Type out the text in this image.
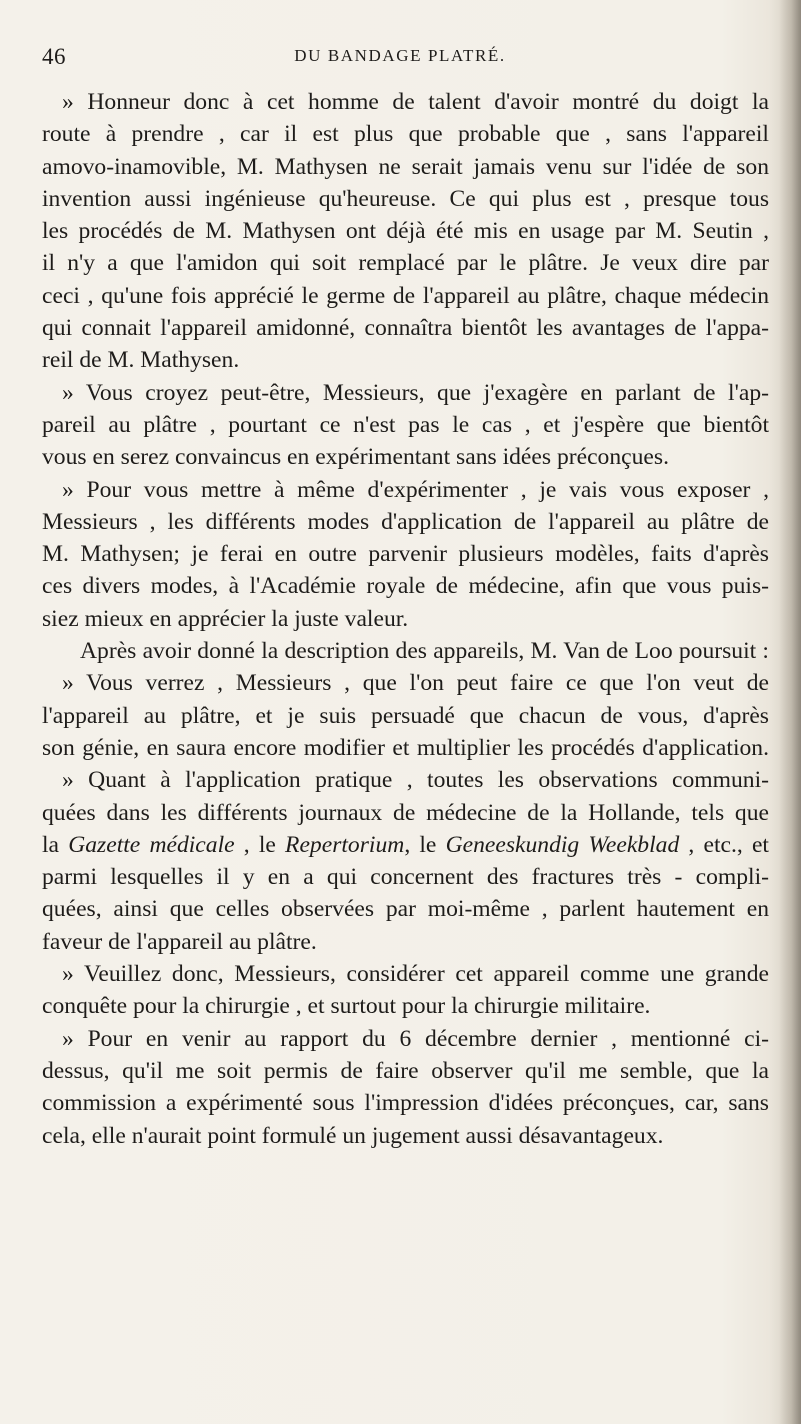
46	DU BANDAGE PLATRÉ.
» Honneur donc à cet homme de talent d'avoir montré du doigt la
route à prendre , car il est plus que probable que , sans l'appareil
amovo-inamovible, M. Mathysen ne serait jamais venu sur l'idée de son
invention aussi ingénieuse qu'heureuse. Ce qui plus est , presque tous
les procédés de M. Mathysen ont déjà été mis en usage par M. Seutin ,
il n'y a que l'amidon qui soit remplacé par le plâtre. Je veux dire par
ceci , qu'une fois apprécié le germe de l'appareil au plâtre, chaque médecin
qui connait l'appareil amidonné, connaîtra bientôt les avantages de l'appa-
reil de M. Mathysen.
» Vous croyez peut-être, Messieurs, que j'exagère en parlant de l'ap-
pareil au plâtre , pourtant ce n'est pas le cas , et j'espère que bientôt
vous en serez convaincus en expérimentant sans idées préconçues.
» Pour vous mettre à même d'expérimenter , je vais vous exposer ,
Messieurs , les différents modes d'application de l'appareil au plâtre de
M. Mathysen; je ferai en outre parvenir plusieurs modèles, faits d'après
ces divers modes, à l'Académie royale de médecine, afin que vous puis-
siez mieux en apprécier la juste valeur.
Après avoir donné la description des appareils, M. Van de Loo poursuit :
» Vous verrez , Messieurs , que l'on peut faire ce que l'on veut de
l'appareil au plâtre, et je suis persuadé que chacun de vous, d'après
son génie, en saura encore modifier et multiplier les procédés d'application.
» Quant à l'application pratique , toutes les observations communi-
quées dans les différents journaux de médecine de la Hollande, tels que
la Gazette médicale , le Repertorium, le Geneeskundig Weekblad , etc., et
parmi lesquelles il y en a qui concernent des fractures très - compli-
quées, ainsi que celles observées par moi-même , parlent hautement en
faveur de l'appareil au plâtre.
» Veuillez donc, Messieurs, considérer cet appareil comme une grande
conquête pour la chirurgie , et surtout pour la chirurgie militaire.
» Pour en venir au rapport du 6 décembre dernier , mentionné ci-
dessus, qu'il me soit permis de faire observer qu'il me semble, que la
commission a expérimenté sous l'impression d'idées préconçues, car, sans
cela, elle n'aurait point formulé un jugement aussi désavantageux.
